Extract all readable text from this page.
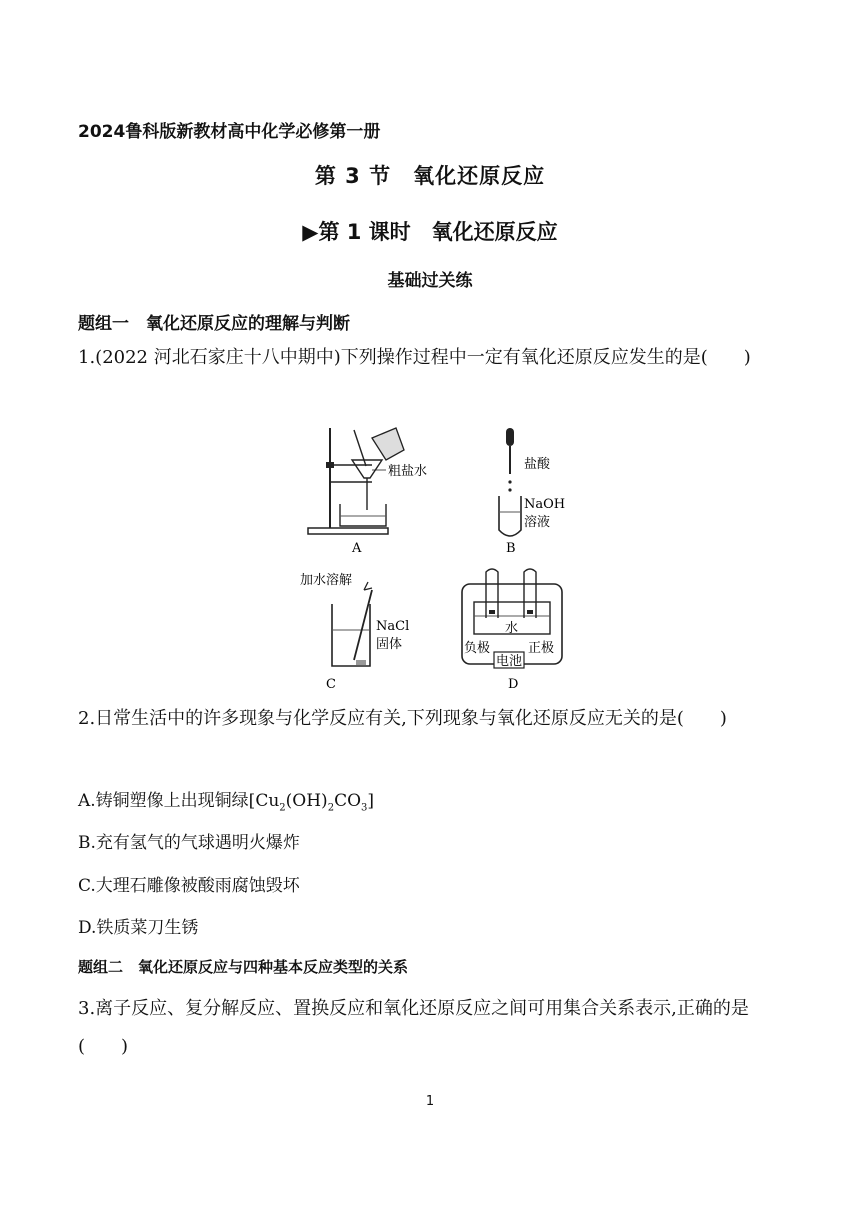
2024鲁科版新教材高中化学必修第一册
第 3 节　氧化还原反应
▶第 1 课时　氧化还原反应
基础过关练
题组一　氧化还原反应的理解与判断
1.(2022 河北石家庄十八中期中)下列操作过程中一定有氧化还原反应发生的是(　　)
粗盐水
A
盐酸
NaOH
溶液
B
加水溶解
NaCl
固体
C
水
负极
电池
正极
D
2.日常生活中的许多现象与化学反应有关,下列现象与氧化还原反应无关的是(　　)
A.铸铜塑像上出现铜绿$[Cu_2(OH)_2CO_3]$
B.充有氢气的气球遇明火爆炸
C.大理石雕像被酸雨腐蚀毁坏
D.铁质菜刀生锈
题组二　氧化还原反应与四种基本反应类型的关系
3.离子反应、复分解反应、置换反应和氧化还原反应之间可用集合关系表示,正确的是(　　)
1
